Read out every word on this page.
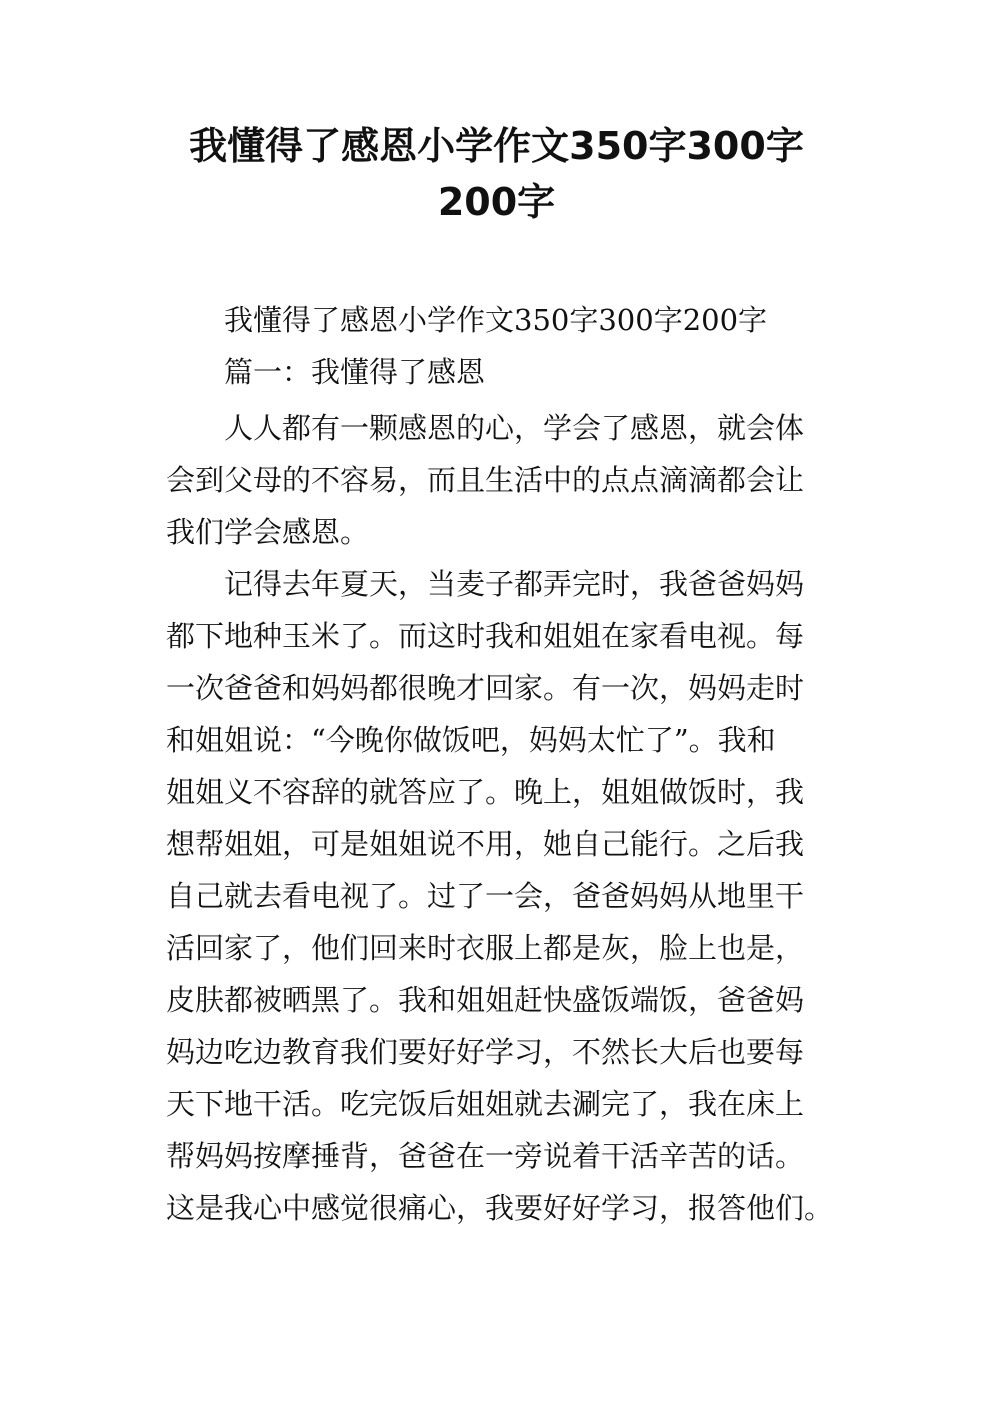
我懂得了感恩小学作文350字300字
200字
我懂得了感恩小学作文350字300字200字
篇一：我懂得了感恩
人人都有一颗感恩的心，学会了感恩，就会体
会到父母的不容易，而且生活中的点点滴滴都会让
我们学会感恩。
记得去年夏天，当麦子都弄完时，我爸爸妈妈
都下地种玉米了。而这时我和姐姐在家看电视。每
一次爸爸和妈妈都很晚才回家。有一次，妈妈走时
和姐姐说：“今晚你做饭吧，妈妈太忙了”。我和
姐姐义不容辞的就答应了。晚上，姐姐做饭时，我
想帮姐姐，可是姐姐说不用，她自己能行。之后我
自己就去看电视了。过了一会，爸爸妈妈从地里干
活回家了，他们回来时衣服上都是灰，脸上也是，
皮肤都被晒黑了。我和姐姐赶快盛饭端饭，爸爸妈
妈边吃边教育我们要好好学习，不然长大后也要每
天下地干活。吃完饭后姐姐就去涮完了，我在床上
帮妈妈按摩捶背，爸爸在一旁说着干活辛苦的话。
这是我心中感觉很痛心，我要好好学习，报答他们。
